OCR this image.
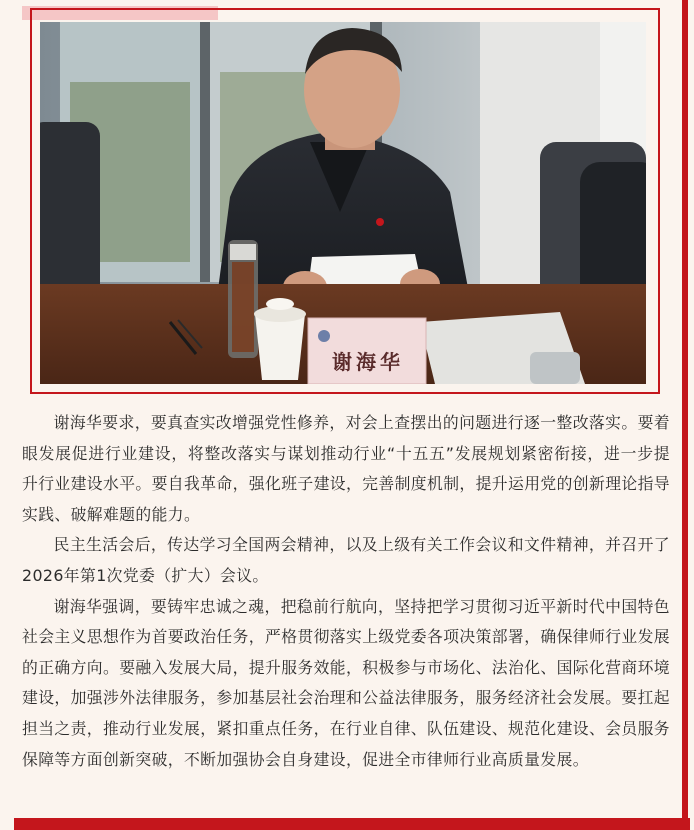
谢海华

谢海华要求，要真查实改增强党性修养，对会上查摆出的问题进行逐一整改落实。要着眼发展促进行业建设，将整改落实与谋划推动行业“十五五”发展规划紧密衔接，进一步提升行业建设水平。要自我革命，强化班子建设，完善制度机制，提升运用党的创新理论指导实践、破解难题的能力。

民主生活会后，传达学习全国两会精神，以及上级有关工作会议和文件精神，并召开了2026年第1次党委（扩大）会议。

谢海华强调，要铸牢忠诚之魂，把稳前行航向，坚持把学习贯彻习近平新时代中国特色社会主义思想作为首要政治任务，严格贯彻落实上级党委各项决策部署，确保律师行业发展的正确方向。要融入发展大局，提升服务效能，积极参与市场化、法治化、国际化营商环境建设，加强涉外法律服务，参加基层社会治理和公益法律服务，服务经济社会发展。要扛起担当之责，推动行业发展，紧扣重点任务，在行业自律、队伍建设、规范化建设、会员服务保障等方面创新突破，不断加强协会自身建设，促进全市律师行业高质量发展。
